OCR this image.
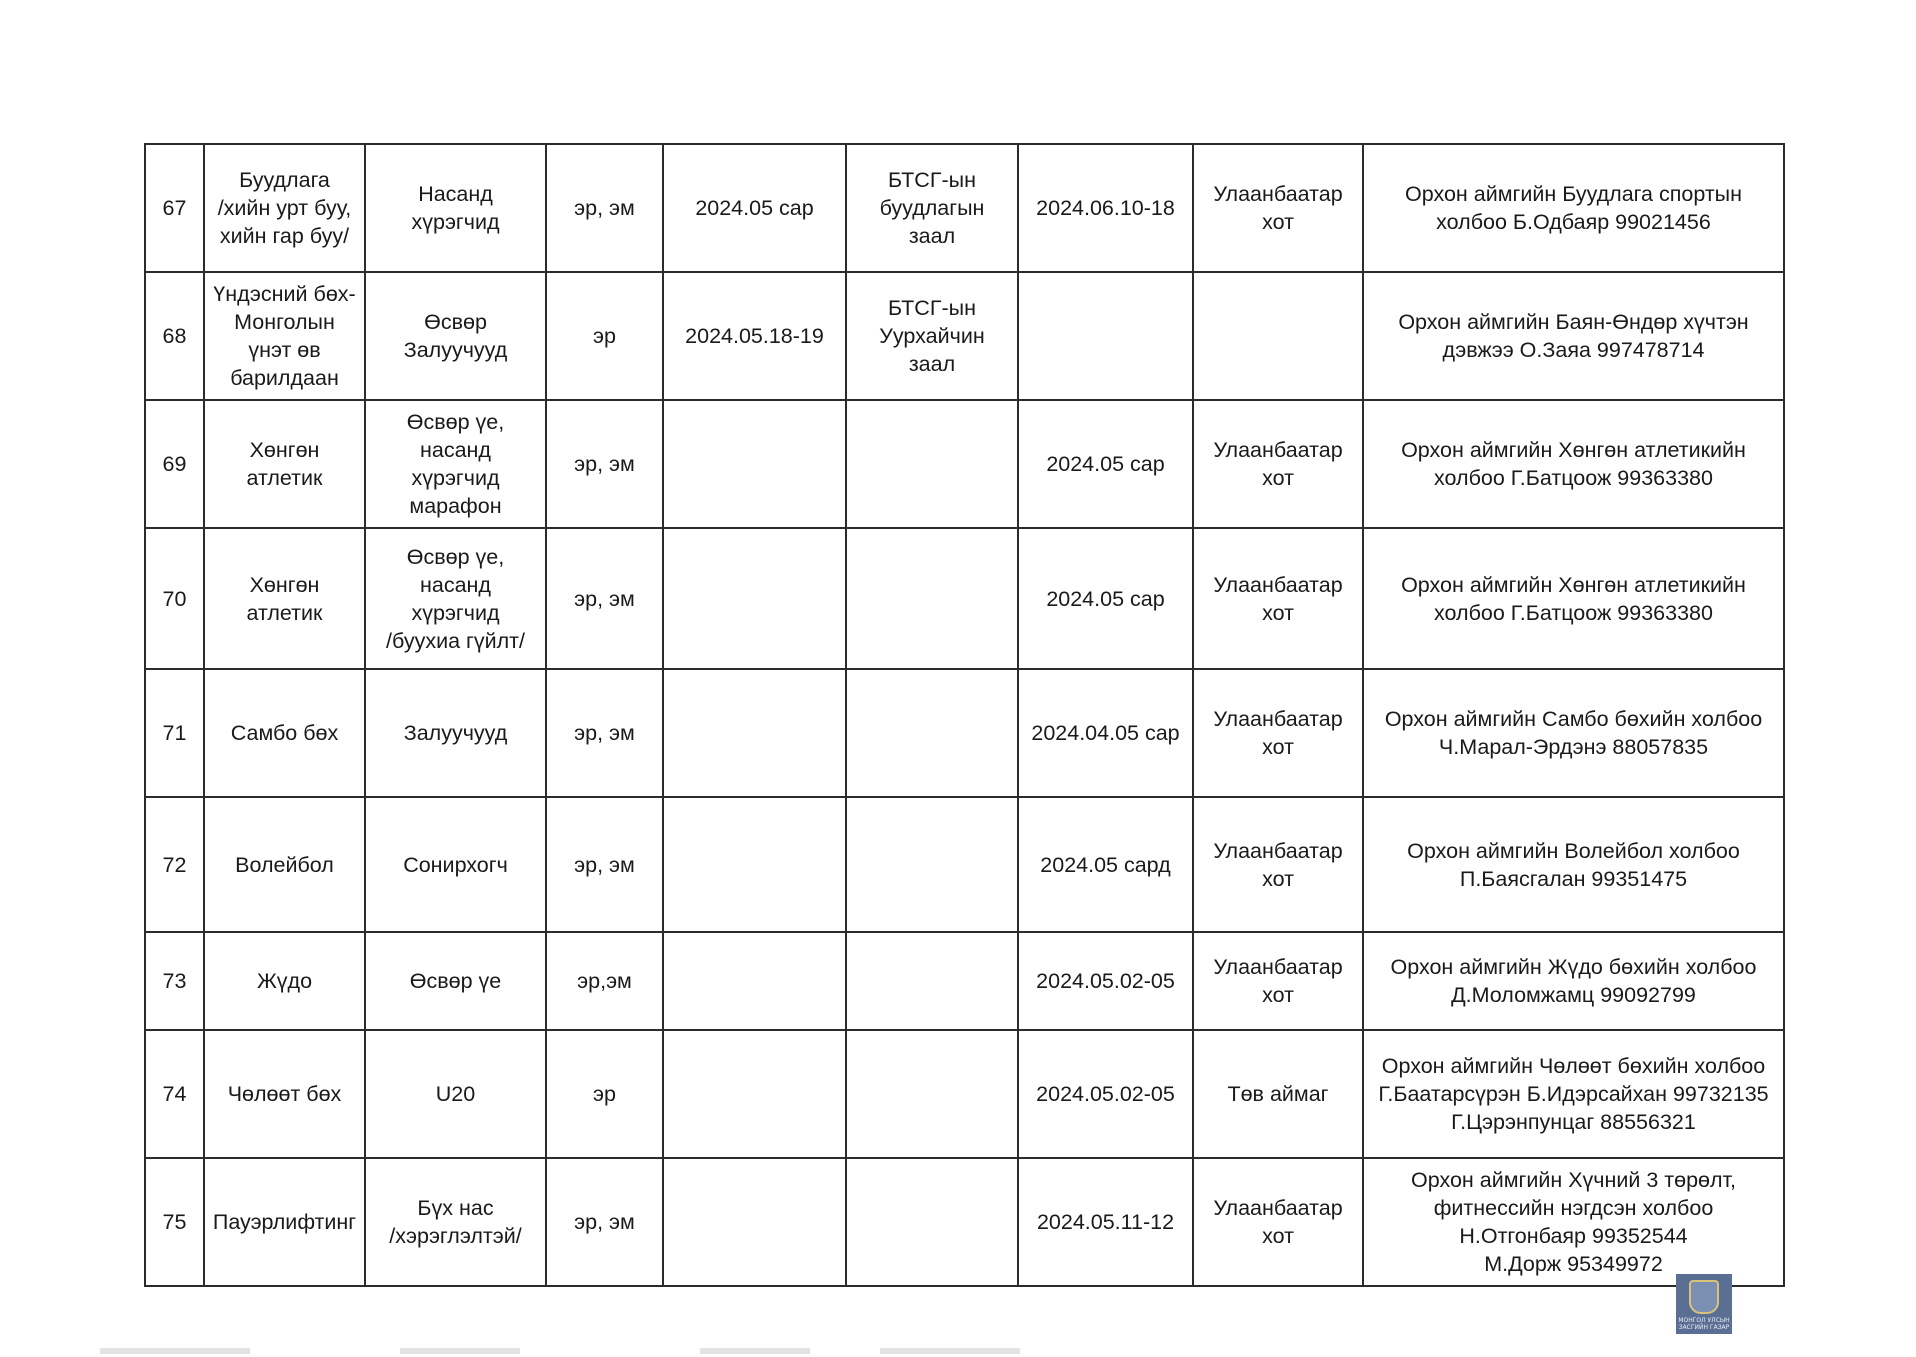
67	Буудлага
/хийн урт буу,
хийн гар буу/	Насанд
хүрэгчид	эр, эм	2024.05 сар	БТСГ-ын
буудлагын
заал	2024.06.10-18	Улаанбаатар
хот	Орхон аймгийн Буудлага спортын
холбоо Б.Одбаяр 99021456
68	Үндэсний бөх-
Монголын
үнэт өв
барилдаан	Өсвөр
Залуучууд	эр	2024.05.18-19	БТСГ-ын
Уурхайчин
заал			Орхон аймгийн Баян-Өндөр хүчтэн
дэвжээ О.Заяа 997478714
69	Хөнгөн
атлетик	Өсвөр үе,
насанд
хүрэгчид
марафон	эр, эм			2024.05 сар	Улаанбаатар
хот	Орхон аймгийн Хөнгөн атлетикийн
холбоо Г.Батцоож 99363380
70	Хөнгөн
атлетик	Өсвөр үе,
насанд
хүрэгчид
/буухиа гүйлт/	эр, эм			2024.05 сар	Улаанбаатар
хот	Орхон аймгийн Хөнгөн атлетикийн
холбоо Г.Батцоож 99363380
71	Самбо бөх	Залуучууд	эр, эм			2024.04.05 сар	Улаанбаатар
хот	Орхон аймгийн Самбо бөхийн холбоо
Ч.Марал-Эрдэнэ 88057835
72	Волейбол	Сонирхогч	эр, эм			2024.05 сард	Улаанбаатар
хот	Орхон аймгийн Волейбол холбоо
П.Баясгалан 99351475
73	Жүдо	Өсвөр үе	эр,эм			2024.05.02-05	Улаанбаатар
хот	Орхон аймгийн Жүдо бөхийн холбоо
Д.Моломжамц 99092799
74	Чөлөөт бөх	U20	эр			2024.05.02-05	Төв аймаг	Орхон аймгийн Чөлөөт бөхийн холбоо
Г.Баатарсүрэн Б.Идэрсайхан 99732135
Г.Цэрэнпунцаг 88556321
75	Пауэрлифтинг	Бүх нас
/хэрэглэлтэй/	эр, эм			2024.05.11-12	Улаанбаатар
хот	Орхон аймгийн Хүчний 3 төрөлт,
фитнессийн нэгдсэн холбоо
Н.Отгонбаяр 99352544
М.Дорж 95349972
МОНГОЛ УЛСЫН
ЗАСГИЙН ГАЗАР
